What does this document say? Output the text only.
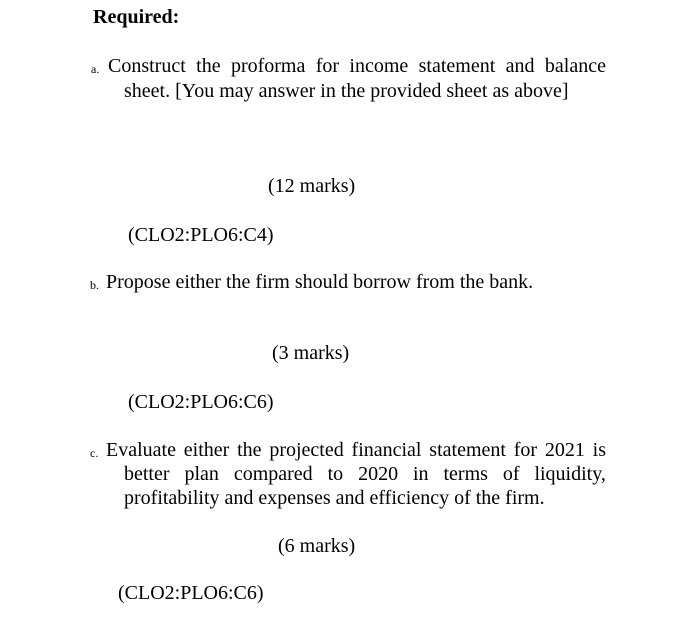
Required:
a. Construct the proforma for income statement and balance
sheet. [You may answer in the provided sheet as above]
(12 marks)
(CLO2:PLO6:C4)
b. Propose either the firm should borrow from the bank.
(3 marks)
(CLO2:PLO6:C6)
c. Evaluate either the projected financial statement for 2021 is
better plan compared to 2020 in terms of liquidity,
profitability and expenses and efficiency of the firm.
(6 marks)
(CLO2:PLO6:C6)
